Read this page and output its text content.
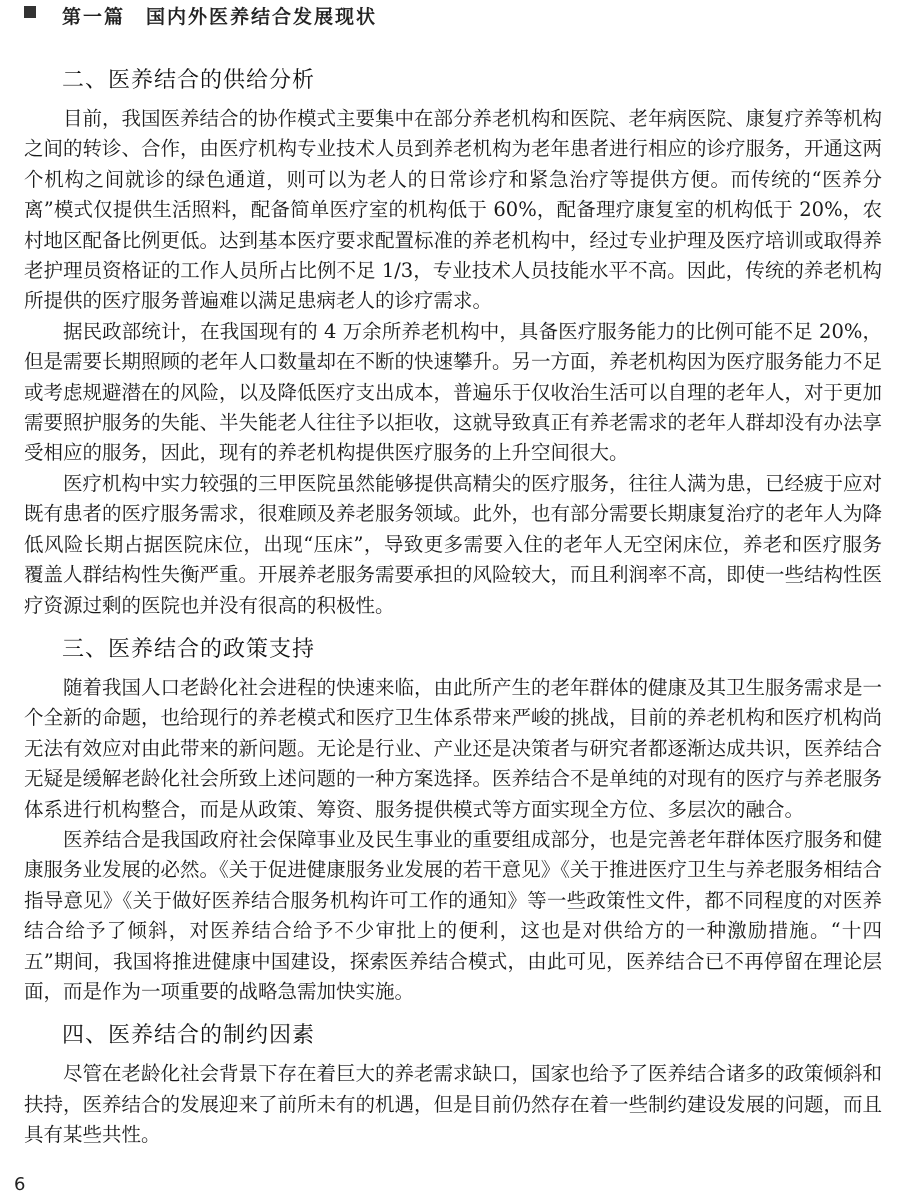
第一篇　国内外医养结合发展现状
二、医养结合的供给分析

目前，我国医养结合的协作模式主要集中在部分养老机构和医院、老年病医院、康复疗养等机构之间的转诊、合作，由医疗机构专业技术人员到养老机构为老年患者进行相应的诊疗服务，开通这两个机构之间就诊的绿色通道，则可以为老人的日常诊疗和紧急治疗等提供方便。而传统的“医养分离”模式仅提供生活照料，配备简单医疗室的机构低于 60%，配备理疗康复室的机构低于 20%，农村地区配备比例更低。达到基本医疗要求配置标准的养老机构中，经过专业护理及医疗培训或取得养老护理员资格证的工作人员所占比例不足 1/3，专业技术人员技能水平不高。因此，传统的养老机构所提供的医疗服务普遍难以满足患病老人的诊疗需求。

据民政部统计，在我国现有的 4 万余所养老机构中，具备医疗服务能力的比例可能不足 20%，但是需要长期照顾的老年人口数量却在不断的快速攀升。另一方面，养老机构因为医疗服务能力不足或考虑规避潜在的风险，以及降低医疗支出成本，普遍乐于仅收治生活可以自理的老年人，对于更加需要照护服务的失能、半失能老人往往予以拒收，这就导致真正有养老需求的老年人群却没有办法享受相应的服务，因此，现有的养老机构提供医疗服务的上升空间很大。

医疗机构中实力较强的三甲医院虽然能够提供高精尖的医疗服务，往往人满为患，已经疲于应对既有患者的医疗服务需求，很难顾及养老服务领域。此外，也有部分需要长期康复治疗的老年人为降低风险长期占据医院床位，出现“压床”，导致更多需要入住的老年人无空闲床位，养老和医疗服务覆盖人群结构性失衡严重。开展养老服务需要承担的风险较大，而且利润率不高，即使一些结构性医疗资源过剩的医院也并没有很高的积极性。

三、医养结合的政策支持

随着我国人口老龄化社会进程的快速来临，由此所产生的老年群体的健康及其卫生服务需求是一个全新的命题，也给现行的养老模式和医疗卫生体系带来严峻的挑战，目前的养老机构和医疗机构尚无法有效应对由此带来的新问题。无论是行业、产业还是决策者与研究者都逐渐达成共识，医养结合无疑是缓解老龄化社会所致上述问题的一种方案选择。医养结合不是单纯的对现有的医疗与养老服务体系进行机构整合，而是从政策、筹资、服务提供模式等方面实现全方位、多层次的融合。

医养结合是我国政府社会保障事业及民生事业的重要组成部分，也是完善老年群体医疗服务和健康服务业发展的必然。《关于促进健康服务业发展的若干意见》《关于推进医疗卫生与养老服务相结合指导意见》《关于做好医养结合服务机构许可工作的通知》等一些政策性文件，都不同程度的对医养结合给予了倾斜，对医养结合给予不少审批上的便利，这也是对供给方的一种激励措施。“十四五”期间，我国将推进健康中国建设，探索医养结合模式，由此可见，医养结合已不再停留在理论层面，而是作为一项重要的战略急需加快实施。

四、医养结合的制约因素

尽管在老龄化社会背景下存在着巨大的养老需求缺口，国家也给予了医养结合诸多的政策倾斜和扶持，医养结合的发展迎来了前所未有的机遇，但是目前仍然存在着一些制约建设发展的问题，而且具有某些共性。

6
